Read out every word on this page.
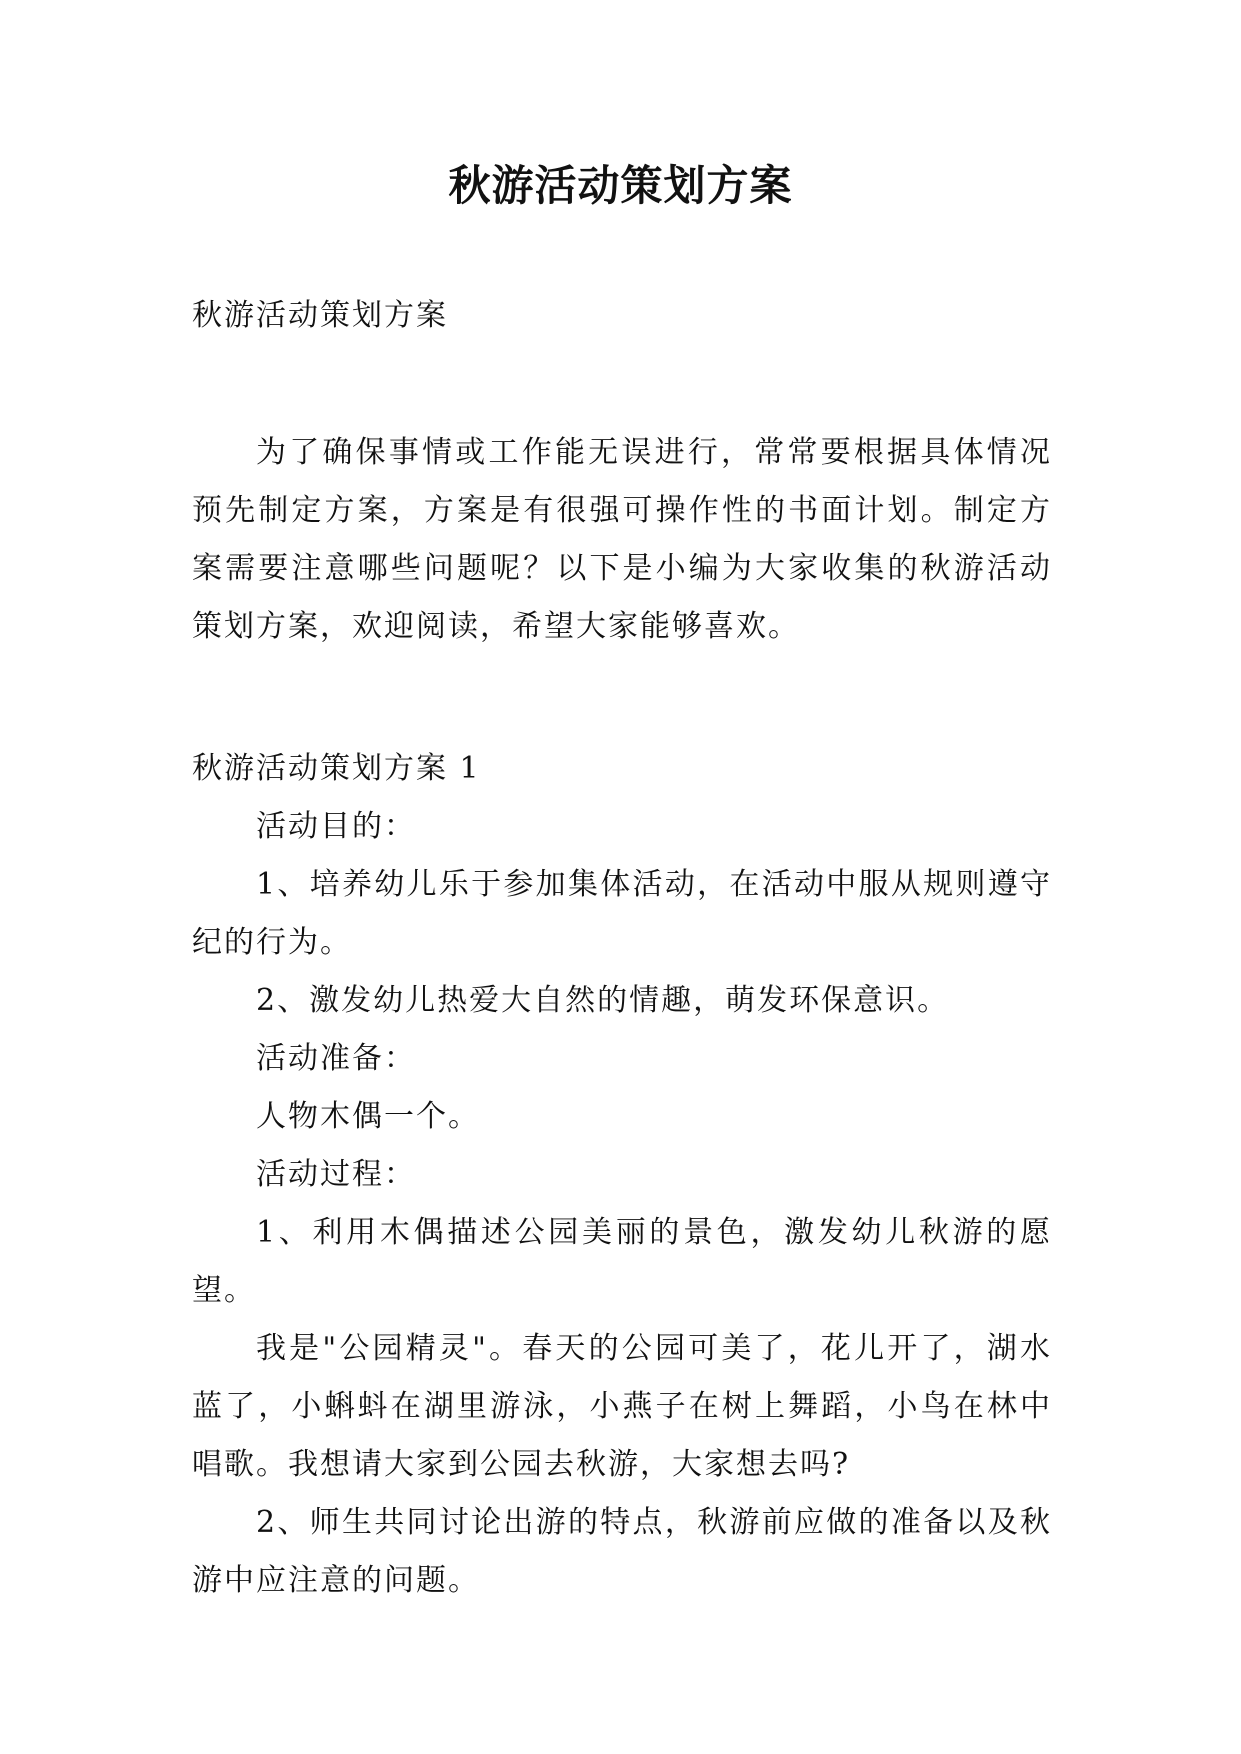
秋游活动策划方案

秋游活动策划方案

为了确保事情或工作能无误进行，常常要根据具体情况预先制定方案，方案是有很强可操作性的书面计划。制定方案需要注意哪些问题呢？以下是小编为大家收集的秋游活动策划方案，欢迎阅读，希望大家能够喜欢。

秋游活动策划方案 1

活动目的：

1、培养幼儿乐于参加集体活动，在活动中服从规则遵守纪的行为。

2、激发幼儿热爱大自然的情趣，萌发环保意识。

活动准备：

人物木偶一个。

活动过程：

1、利用木偶描述公园美丽的景色，激发幼儿秋游的愿望。

我是"公园精灵"。春天的公园可美了，花儿开了，湖水蓝了，小蝌蚪在湖里游泳，小燕子在树上舞蹈，小鸟在林中唱歌。我想请大家到公园去秋游，大家想去吗?

2、师生共同讨论出游的特点，秋游前应做的准备以及秋游中应注意的问题。
